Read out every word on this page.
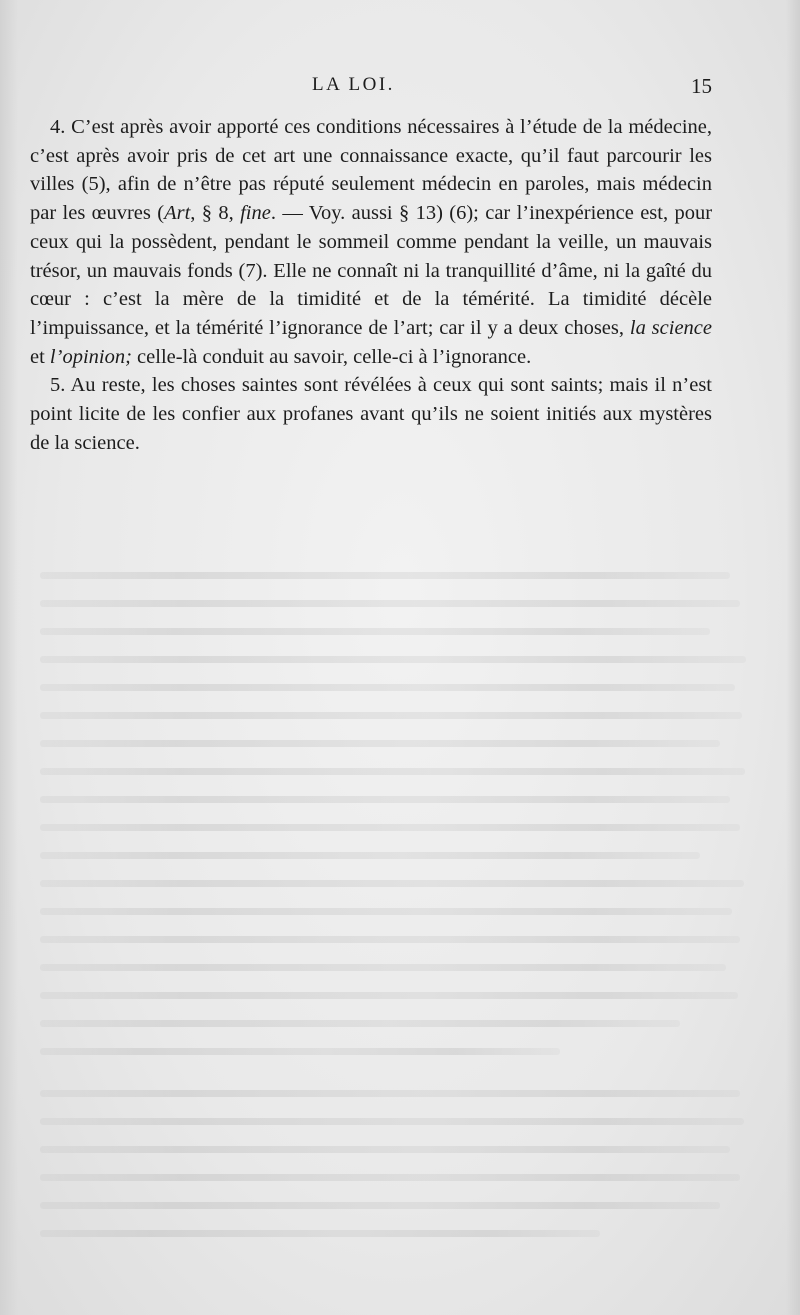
LA LOI.	15

4. C’est après avoir apporté ces conditions nécessaires à l’étude de la médecine, c’est après avoir pris de cet art une connaissance exacte, qu’il faut parcourir les villes (5), afin de n’être pas réputé seulement médecin en paroles, mais médecin par les œuvres (Art, § 8, fine. — Voy. aussi § 13) (6); car l’inexpérience est, pour ceux qui la possèdent, pendant le sommeil comme pendant la veille, un mauvais trésor, un mauvais fonds (7). Elle ne connaît ni la tranquillité d’âme, ni la gaîté du cœur : c’est la mère de la timidité et de la témérité. La timidité décèle l’impuissance, et la témérité l’ignorance de l’art; car il y a deux choses, la science et l’opinion; celle-là conduit au savoir, celle-ci à l’ignorance.

5. Au reste, les choses saintes sont révélées à ceux qui sont saints; mais il n’est point licite de les confier aux profanes avant qu’ils ne soient initiés aux mystères de la science.
